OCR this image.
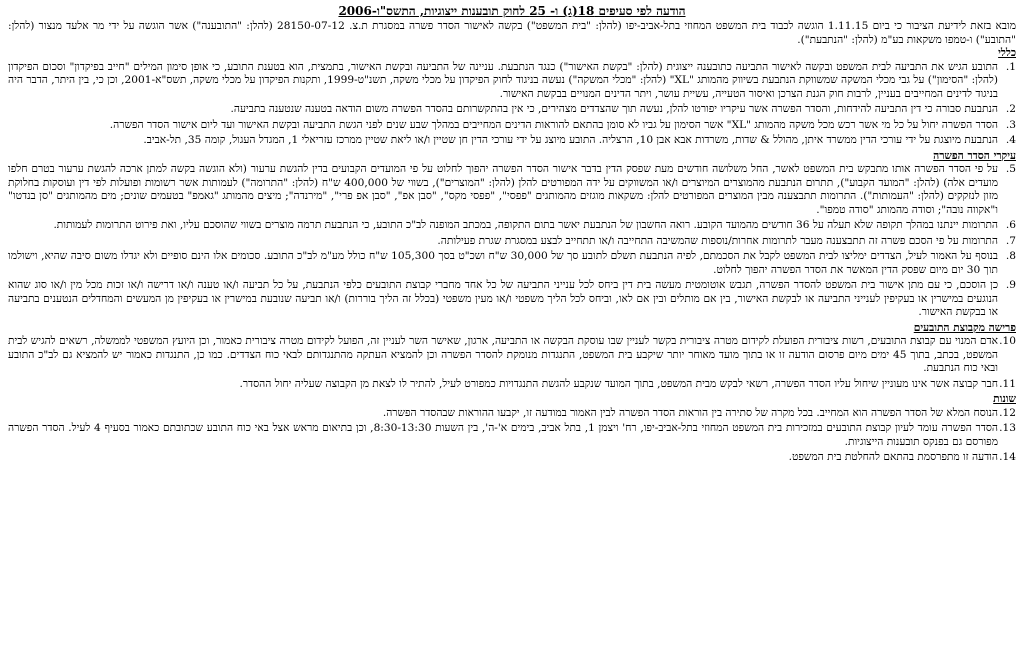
הודעה לפי סעיפים 18(ג) ו- 25 לחוק תובענות ייצוגיות, התשס"ו-2006

מובא בזאת לידיעת הציבור כי ביום 1.11.15 הוגשה לכבוד בית המשפט המחוזי בתל-אביב-יפו (להלן: "בית המשפט") בקשה לאישור הסדר פשרה במסגרת ת.צ. 28150-07-12 (להלן: "התובענה") אשר הוגשה על ידי מר אלעד מנצור (להלן: "התובע") ו-טמפו משקאות בע"מ (להלן: "הנתבעת").

כללי
1.
התובע הגיש את התביעה לבית המשפט ובקשה לאישור התביעה כתובענה ייצוגית (להלן: "בקשת האישור") כנגד הנתבעת. עניינה של התביעה ובקשת האישור, בתמצית, הוא בטענת התובע, כי אופן סימון המילים "חייב בפיקדון" וסכום הפיקדון (להלן: "הסימון") על גבי מכלי המשקה שמשווקת הנתבעת בשיווק מהמותג "XL" (להלן: "מכלי המשקה") נעשה בניגוד לחוק הפיקדון על מכלי משקה, תשנ"ט-1999, ותקנות הפיקדון על מכלי משקה, תשס"א-2001, וכן כי, בין היתר, הדבר היה בניגוד לדינים המחייבים בעניין, לרבות חוק הגנת הצרכן ואיסור הטעייה, עשיית עושר, ויתר הדינים המנויים בבקשת האישור.
2.
הנתבעת סבורה כי דין התביעה להידחות, והסדר הפשרה אשר עיקריו יפורטו להלן, נעשה תוך שהצדדים מצהירים, כי אין בהתקשרותם בהסדר הפשרה משום הודאה בטענה שנטענה בתביעה.
3.
הסדר הפשרה יחול על כל מי אשר רכש מכל משקה מהמותג "XL" אשר הסימון על גביו לא סומן בהתאם להוראות הדינים המחייבים במהלך שבע שנים לפני הגשת התביעה ובקשת האישור ועד ליום אישור הסדר הפשרה.
4.
הנתבעת מיוצגת על ידי עורכי הדין ממשרד איתן, מהולל & שדות, משרדות אבא אבן 10, הרצליה. התובע מיוצג על ידי עורכי הדין חן שטיין ו/או ליאת שטיין ממרכז עזריאלי 1, המגדל העגול, קומה 35, תל-אביב.
עיקרי הסדר הפשרה
5.
על פי הסדר הפשרה אותו מתבקש בית המשפט לאשר, החל משלושה חודשים מעת שפסק הדין בדבר אישור הסדר הפשרה יהפוך לחלוט על פי המועדים הקבועים בדין להגשת ערעור (ולא הוגשה בקשה למתן ארכה להגשת ערעור בטרם חלפו מועדים אלה) (להלן: "המועד הקבוע"), תתרום הנתבעת מהמוצרים המיוצרים ו/או המשווקים על ידה המפורטים להלן (להלן: "המוצרים"), בשווי של 400,000 ש"ח (להלן: "התרומה") לעמותות אשר רשומות ופועלות לפי דין ועוסקות בחלוקת מזון לנזקקים (להלן: "העמותות"). התרומות תתבצענה מבין המוצרים המפורטים להלן: משקאות מוגזים מהמותגים "פפסי", "פפסי מקס", "סבן אפ", "סבן אפ פרי", "מירנדה"; מיצים מהמותג "גאמפ" בטעמים שונים; מים מהמותגים "סן בנדטו" ו"אקווה נובה"; וסודה מהמותג "סודה טמפו".
6.
התרומות יינתנו במהלך תקופה שלא תעלה על 36 חודשים מהמועד הקובע. רואה החשבון של הנתבעת יאשר בתום התקופה, במכתב המופנה לב"כ התובע, כי הנתבעת תרמה מוצרים בשווי שהוסכם עליו, ואת פירוט התרומות לעמותות.
7.
התרומות על פי הסכם פשרה זה תתבצענה מעבר לתרומות אחרות/נוספות שהמשיבה התחייבה ו/או תתחייב לבצע במסגרת שגרת פעילותה.
8.
בנוסף על האמור לעיל, הצדדים ימליצו לבית המשפט לקבל את הסכמתם, לפיה הנתבעת תשלם לתובע סך של 30,000 ש"ח ושכ"ט בסך 105,300 ש"ח כולל מע"מ לב"כ התובע. סכומים אלו הינם סופיים ולא יגדלו משום סיבה שהיא, וישולמו תוך 30 יום מיום שפסק הדין המאשר את הסדר הפשרה יהפוך לחלוט.
9.
כן הוסכם, כי עם מתן אישור בית המשפט להסדר הפשרה, תגבש אוטומטית מעשה בית דין ביחס לכל ענייני התביעה של כל אחד מחברי קבוצת התובעים כלפי הנתבעת, על כל תביעה ו/או טענה ו/או דרישה ו/או זכות מכל מין ו/או סוג שהוא הנוגעים במישרין או בעקיפין לענייני התביעה או לבקשת האישור, בין אם מותלים ובין אם לאו, וביחס לכל הליך משפטי ו/או מעין משפטי (בכלל זה הליך בוררות) ו/או תביעה שנובעת במישרין או בעקיפין מן המעשים והמחדלים הנטענים בתביעה או בבקשת האישור.
פרישה מקבוצת התובעים
10.
אדם המנוי עם קבוצת התובעים, רשות ציבורית הפועלת לקידום מטרה ציבורית בקשר לעניין שבו עוסקת הבקשה או התביעה, ארגון, שאישר השר לעניין זה, הפועל לקידום מטרה ציבורית כאמור, וכן היועץ המשפטי לממשלה, רשאים להגיש לבית המשפט, בכתב, בתוך 45 ימים מיום פרסום הודעה זו או בתוך מועד מאוחר יותר שיקבע בית המשפט, התנגדות מנומקת להסדר הפשרה וכן להמציא העתקה מהתנגדותם לבאי כוח הצדדים. כמו כן, התנגדות כאמור יש להמציא גם לב"כ התובע ובאי כוח הנתבעת.
11.
חבר קבוצה אשר אינו מעוניין שיחול עליו הסדר הפשרה, רשאי לבקש מבית המשפט, בתוך המועד שנקבע להגשת התנגדויות כמפורט לעיל, להתיר לו לצאת מן הקבוצה שעליה יחול ההסדר.
שונות
12.
הנוסח המלא של הסדר הפשרה הוא המחייב. בכל מקרה של סתירה בין הוראות הסדר הפשרה לבין האמור במודעה זו, יקבעו ההוראות שבהסדר הפשרה.
13.
הסדר הפשרה עומד לעיון קבוצת התובעים במזכירות בית המשפט המחוזי בתל-אביב-יפו, רח' ויצמן 1, בתל אביב, בימים א'-ה', בין השעות 8:30-13:30, וכן בתיאום מראש אצל באי כוח התובע שכתובתם כאמור בסעיף 4 לעיל. הסדר הפשרה מפורסם גם בפנקס תובענות הייצוגיות.
14.
הודעה זו מתפרסמת בהתאם להחלטת בית המשפט.
